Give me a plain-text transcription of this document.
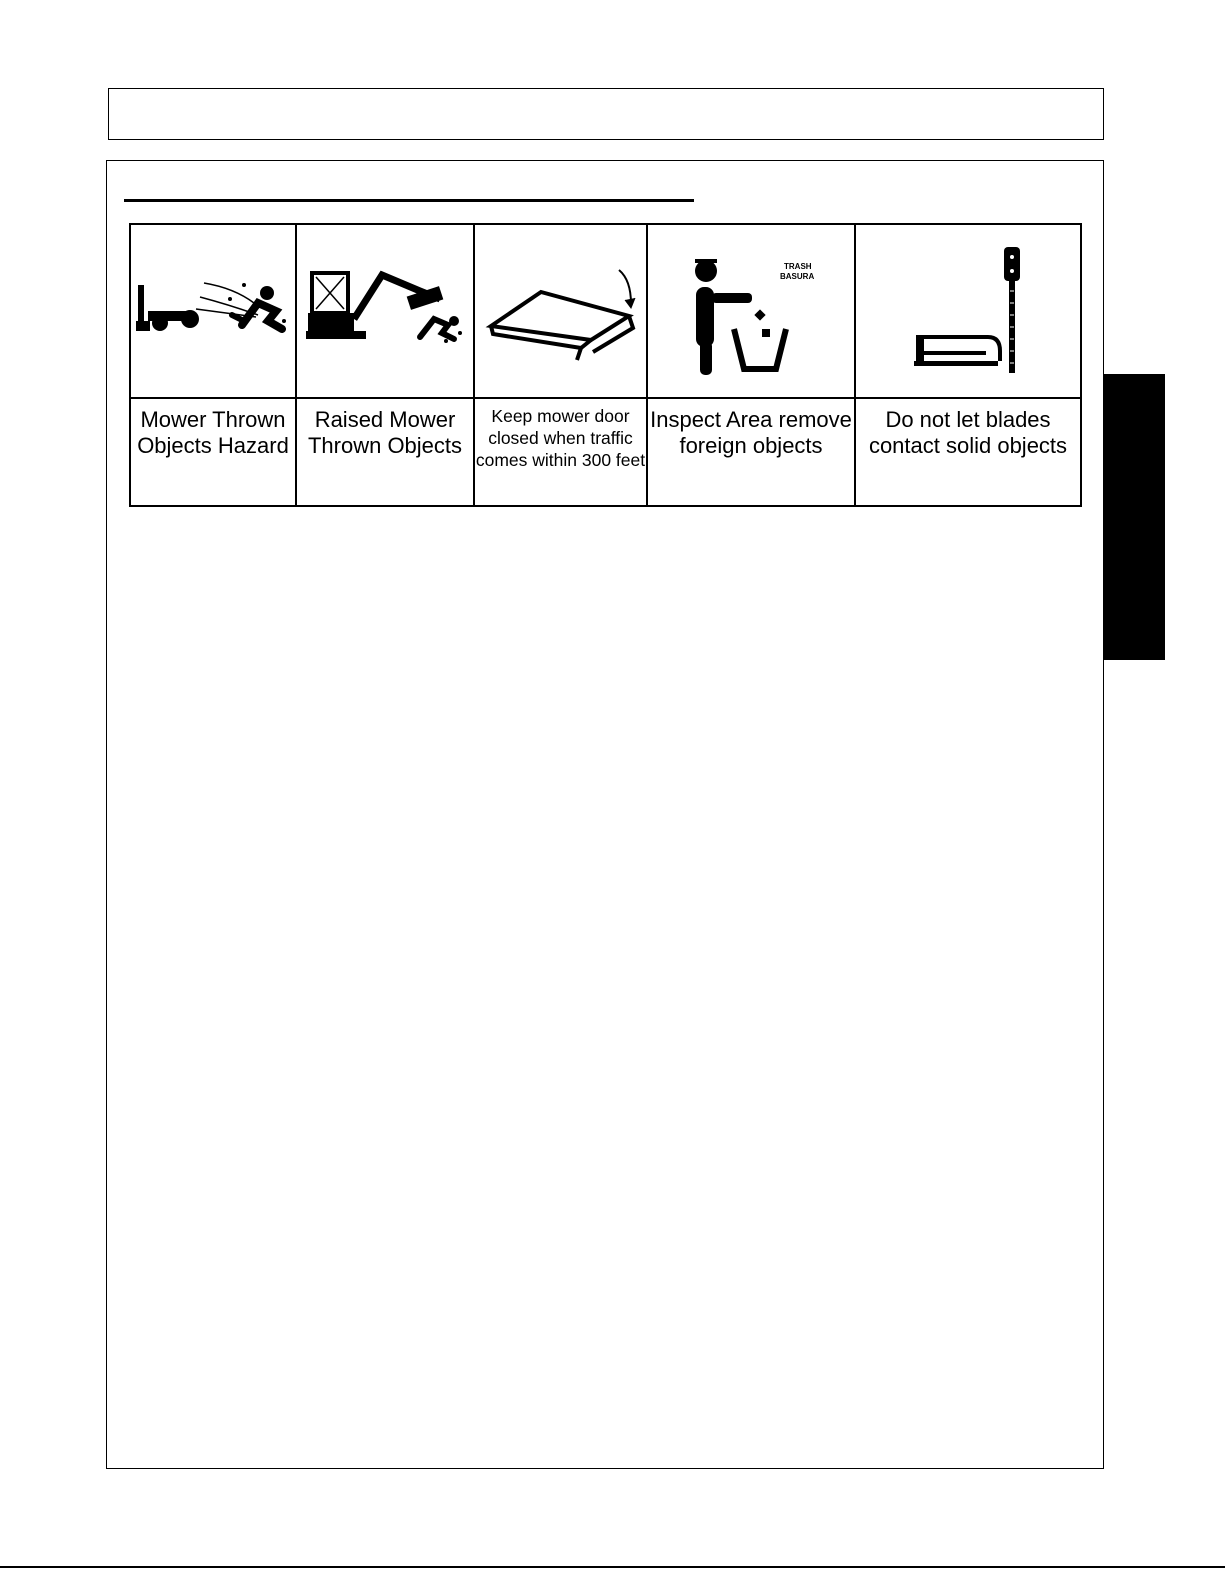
TRASH
BASURA

Mower Thrown Objects Hazard	Raised Mower Thrown Objects	Keep mower door closed when traffic comes within 300 feet	Inspect Area remove foreign objects	Do not let blades contact solid objects
